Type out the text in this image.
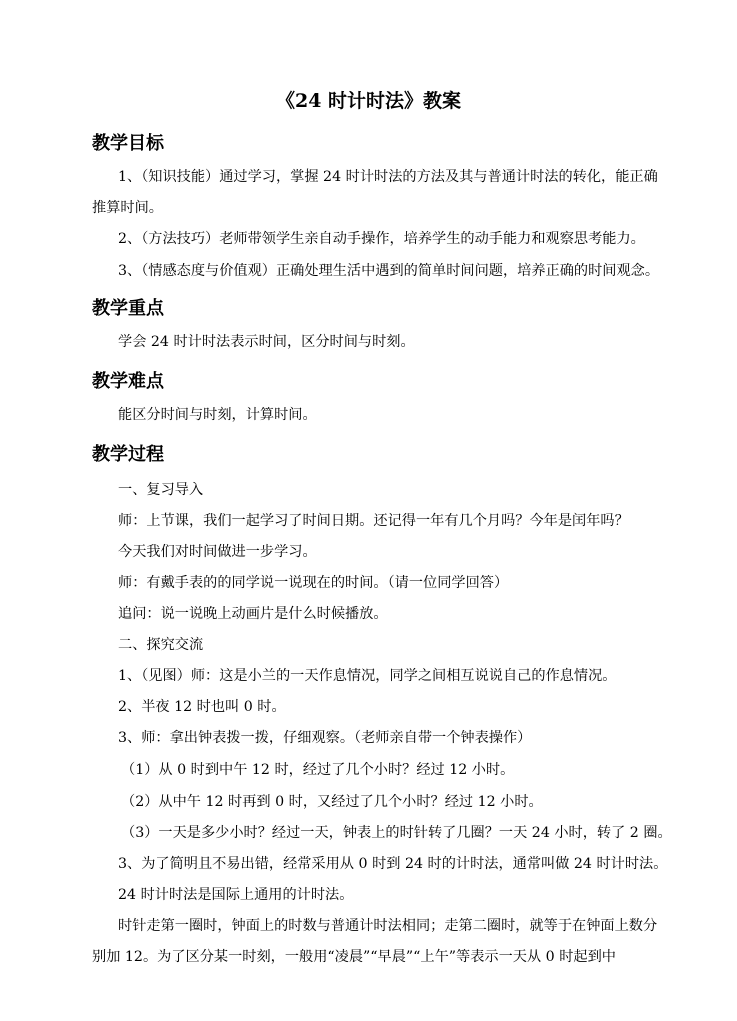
《24 时计时法》教案
教学目标
1、（知识技能）通过学习，掌握 24 时计时法的方法及其与普通计时法的转化，能正确
推算时间。
2、（方法技巧）老师带领学生亲自动手操作，培养学生的动手能力和观察思考能力。
3、（情感态度与价值观）正确处理生活中遇到的简单时间问题，培养正确的时间观念。
教学重点
学会 24 时计时法表示时间，区分时间与时刻。
教学难点
能区分时间与时刻，计算时间。
教学过程
一、复习导入
师：上节课，我们一起学习了时间日期。还记得一年有几个月吗？今年是闰年吗？
今天我们对时间做进一步学习。
师：有戴手表的的同学说一说现在的时间。（请一位同学回答）
追问：说一说晚上动画片是什么时候播放。
二、探究交流
1、（见图）师：这是小兰的一天作息情况，同学之间相互说说自己的作息情况。
2、半夜 12 时也叫 0 时。
3、师：拿出钟表拨一拨，仔细观察。（老师亲自带一个钟表操作）
（1）从 0 时到中午 12 时，经过了几个小时？经过 12 小时。
（2）从中午 12 时再到 0 时，又经过了几个小时？经过 12 小时。
（3）一天是多少小时？经过一天，钟表上的时针转了几圈？一天 24 小时，转了 2 圈。
3、为了简明且不易出错，经常采用从 0 时到 24 时的计时法，通常叫做 24 时计时法。
24 时计时法是国际上通用的计时法。
时针走第一圈时，钟面上的时数与普通计时法相同；走第二圈时，就等于在钟面上数分
别加 12。为了区分某一时刻，一般用“凌晨”“早晨”“上午”等表示一天从 0 时起到中
